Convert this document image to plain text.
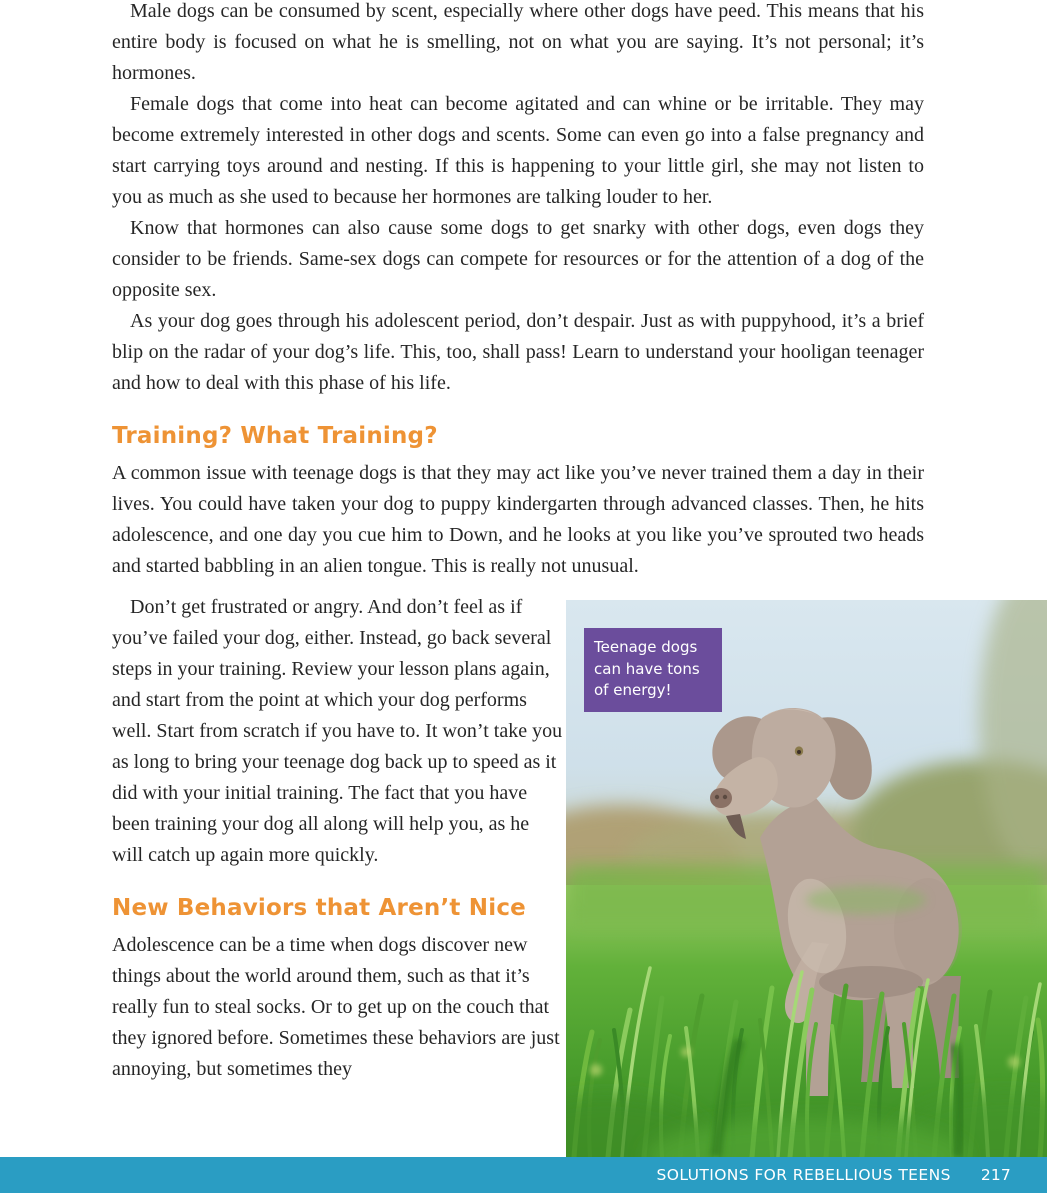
Male dogs can be consumed by scent, especially where other dogs have peed. This means that his entire body is focused on what he is smelling, not on what you are saying. It’s not personal; it’s hormones.

Female dogs that come into heat can become agitated and can whine or be irritable. They may become extremely interested in other dogs and scents. Some can even go into a false pregnancy and start carrying toys around and nesting. If this is happening to your little girl, she may not listen to you as much as she used to because her hormones are talking louder to her.

Know that hormones can also cause some dogs to get snarky with other dogs, even dogs they consider to be friends. Same-sex dogs can compete for resources or for the attention of a dog of the opposite sex.

As your dog goes through his adolescent period, don’t despair. Just as with puppyhood, it’s a brief blip on the radar of your dog’s life. This, too, shall pass! Learn to understand your hooligan teenager and how to deal with this phase of his life.

Training? What Training?

A common issue with teenage dogs is that they may act like you’ve never trained them a day in their lives. You could have taken your dog to puppy kindergarten through advanced classes. Then, he hits adolescence, and one day you cue him to Down, and he looks at you like you’ve sprouted two heads and started babbling in an alien tongue. This is really not unusual.

Don’t get frustrated or angry. And don’t feel as if you’ve failed your dog, either. Instead, go back several steps in your training. Review your lesson plans again, and start from the point at which your dog performs well. Start from scratch if you have to. It won’t take you as long to bring your teenage dog back up to speed as it did with your initial training. The fact that you have been training your dog all along will help you, as he will catch up again more quickly.

New Behaviors that Aren’t Nice

Adolescence can be a time when dogs discover new things about the world around them, such as that it’s really fun to steal socks. Or to get up on the couch that they ignored before. Sometimes these behaviors are just annoying, but sometimes they

Teenage dogs can have tons of energy!
SOLUTIONS FOR REBELLIOUS TEENS 217
